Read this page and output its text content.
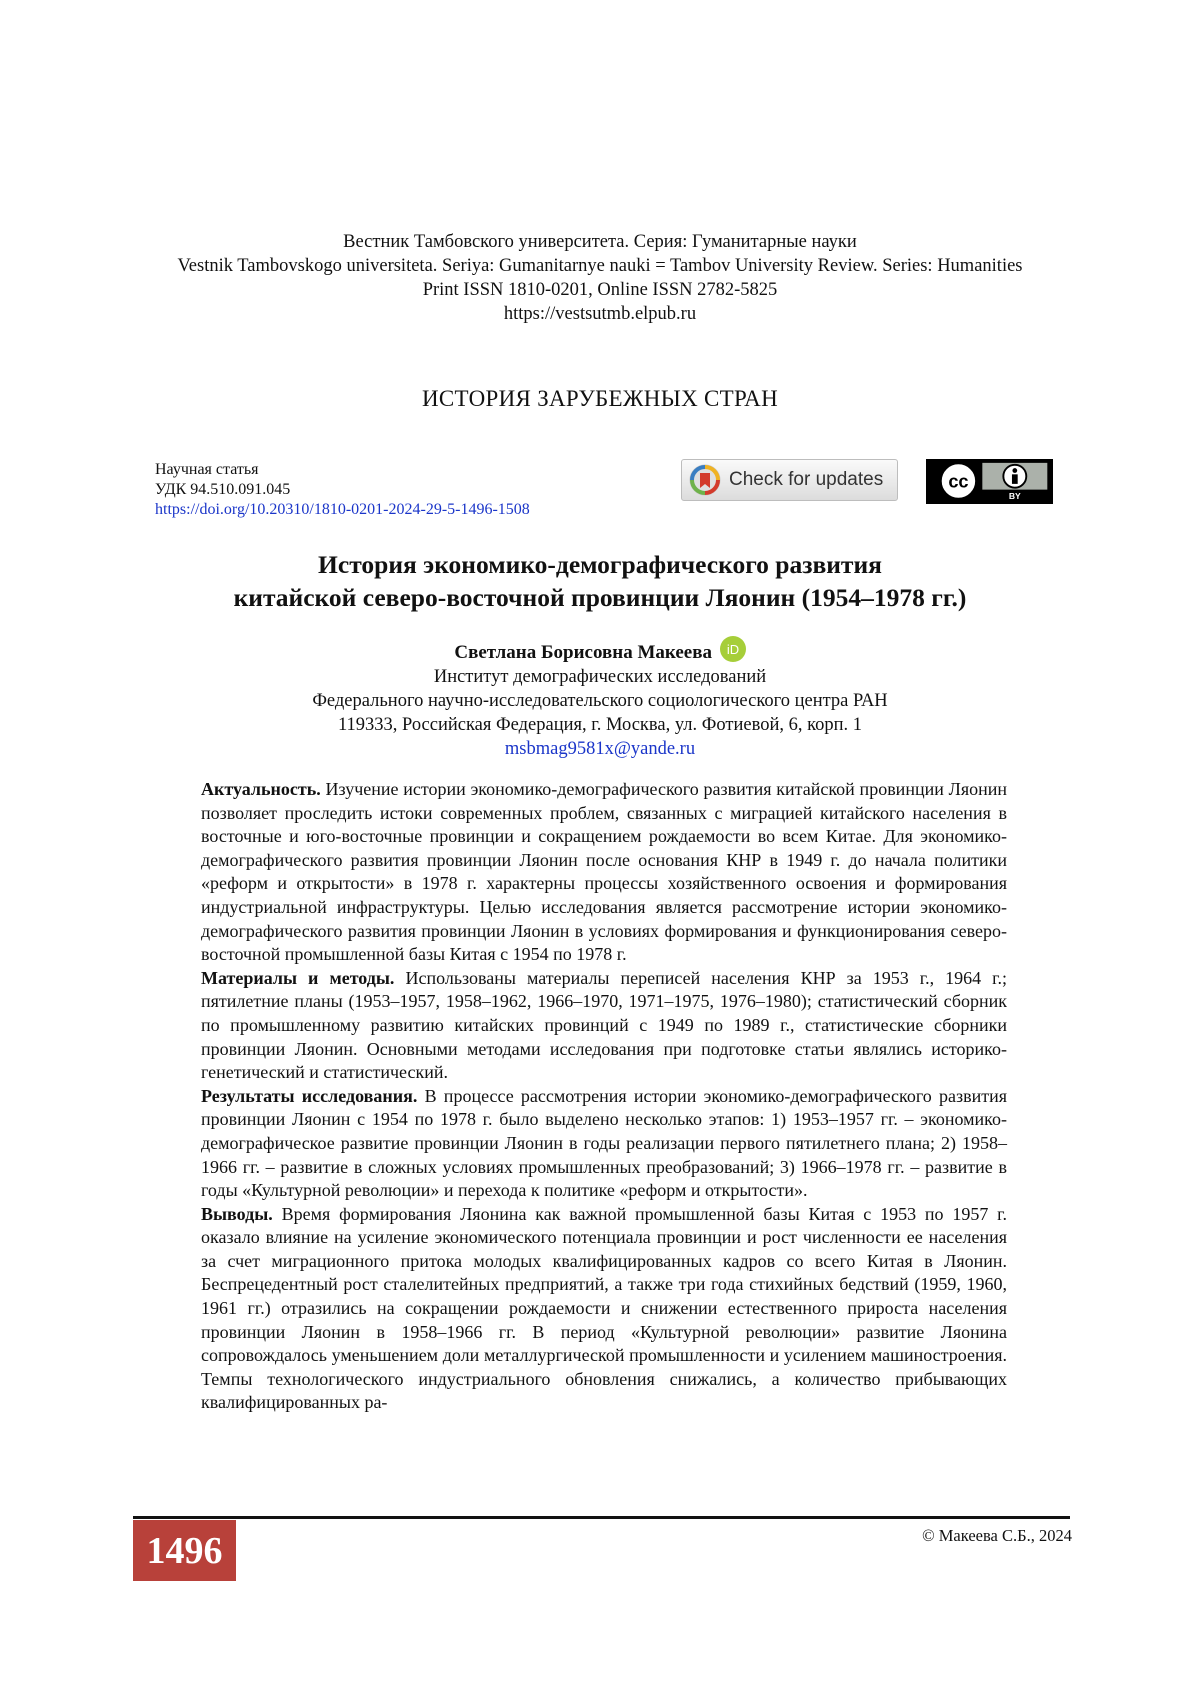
Вестник Тамбовского университета. Серия: Гуманитарные науки
Vestnik Tambovskogo universiteta. Seriya: Gumanitarnye nauki = Tambov University Review. Series: Humanities
Print ISSN 1810-0201, Online ISSN 2782-5825
https://vestsutmb.elpub.ru
ИСТОРИЯ ЗАРУБЕЖНЫХ СТРАН
Научная статья
УДК 94.510.091.045
https://doi.org/10.20310/1810-0201-2024-29-5-1496-1508
Check for updates	cc
BY
История экономико-демографического развития
китайской северо-восточной провинции Ляонин (1954–1978 гг.)
Светлана Борисовна Макеева iD
Институт демографических исследований
Федерального научно-исследовательского социологического центра РАН
119333, Российская Федерация, г. Москва, ул. Фотиевой, 6, корп. 1
msbmag9581x@yande.ru

Актуальность. Изучение истории экономико-демографического развития китайской провинции Ляонин позволяет проследить истоки современных проблем, связанных с миграцией китайского населения в восточные и юго-восточные провинции и сокращением рождаемости во всем Китае. Для экономико-демографического развития провинции Ляонин после основания КНР в 1949 г. до начала политики «реформ и открытости» в 1978 г. характерны процессы хозяйственного освоения и формирования индустриальной инфраструктуры. Целью исследования является рассмотрение истории экономико-демографического развития провинции Ляонин в условиях формирования и функционирования северо-восточной промышленной базы Китая с 1954 по 1978 г.

Материалы и методы. Использованы материалы переписей населения КНР за 1953 г., 1964 г.; пятилетние планы (1953–1957, 1958–1962, 1966–1970, 1971–1975, 1976–1980); статистический сборник по промышленному развитию китайских провинций с 1949 по 1989 г., статистические сборники провинции Ляонин. Основными методами исследования при подготовке статьи являлись историко-генетический и статистический.

Результаты исследования. В процессе рассмотрения истории экономико-демографического развития провинции Ляонин с 1954 по 1978 г. было выделено несколько этапов: 1) 1953–1957 гг. – экономико-демографическое развитие провинции Ляонин в годы реализации первого пятилетнего плана; 2) 1958–1966 гг. – развитие в сложных условиях промышленных преобразований; 3) 1966–1978 гг. – развитие в годы «Культурной революции» и перехода к политике «реформ и открытости».

Выводы. Время формирования Ляонина как важной промышленной базы Китая с 1953 по 1957 г. оказало влияние на усиление экономического потенциала провинции и рост численности ее населения за счет миграционного притока молодых квалифицированных кадров со всего Китая в Ляонин. Беспрецедентный рост сталелитейных предприятий, а также три года стихийных бедствий (1959, 1960, 1961 гг.) отразились на сокращении рождаемости и снижении естественного прироста населения провинции Ляонин в 1958–1966 гг. В период «Культурной революции» развитие Ляонина сопровождалось уменьшением доли металлургической промышленности и усилением машиностроения. Темпы технологического индустриального обновления снижались, а количество прибывающих квалифицированных ра-

1496	© Макеева С.Б., 2024
